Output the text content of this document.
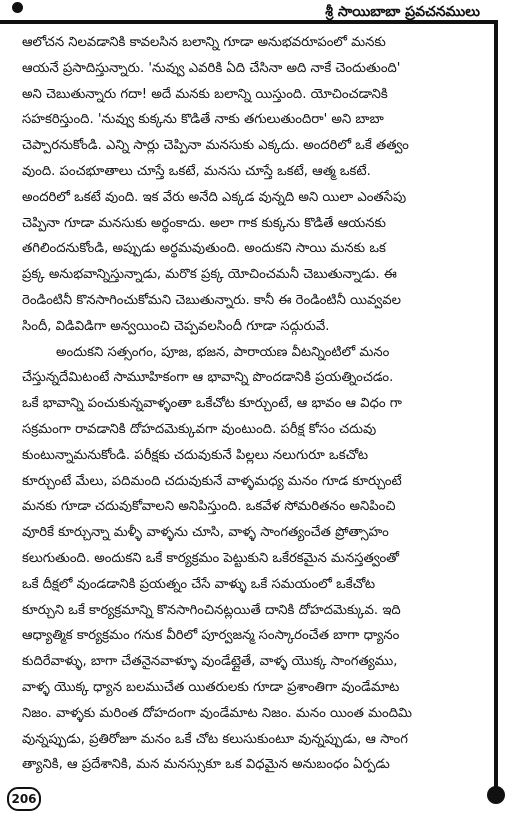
శ్రీ సాయిబాబా ప్రవచనములు
ఆలోచన నిలవడానికి కావలసిన బలాన్ని గూడా అనుభవరూపంలో మనకు
ఆయనే ప్రసాదిస్తున్నారు. 'నువ్వు ఎవరికి ఏది చేసినా అది నాకే చెందుతుంది'
అని చెబుతున్నారు గదా! అదే మనకు బలాన్ని యిస్తుంది. యోచించడానికి
సహకరిస్తుంది. 'నువ్వు కుక్కను కొడితే నాకు తగులుతుందిరా' అని బాబా
చెప్పారనుకోండి. ఎన్ని సార్లు చెప్పినా మనసుకు ఎక్కదు. అందరిలో ఒకే తత్వం
వుంది. పంచభూతాలు చూస్తే ఒకటే, మనసు చూస్తే ఒకటే, ఆత్మ ఒకటే.
అందరిలో ఒకటే వుంది. ఇక వేరు అనేది ఎక్కడ వున్నది అని యిలా ఎంతసేపు
చెప్పినా గూడా మనసుకు అర్థంకాదు. అలా గాక కుక్కను కొడితే ఆయనకు
తగిలిందనుకోండి, అప్పుడు అర్థమవుతుంది. అందుకని సాయి మనకు ఒక
ప్రక్క అనుభవాన్నిస్తున్నాడు, మరొక ప్రక్క యోచించమనీ చెబుతున్నాడు. ఈ
రెండింటినీ కొనసాగించుకోమని చెబుతున్నారు. కానీ ఈ రెండింటినీ యివ్వవల
సిందీ, విడివిడిగా అన్వయించి చెప్పవలసిందీ గూడా సద్గురువే.
అందుకని సత్సంగం, పూజ, భజన, పారాయణ వీటన్నింటిలో మనం
చేస్తున్నదేమిటంటే సామూహికంగా ఆ భావాన్ని పొందడానికి ప్రయత్నించడం.
ఒకే భావాన్ని పంచుకున్నవాళ్ళంతా ఒకేచోట కూర్చుంటే, ఆ భావం ఆ విధం గా
సక్రమంగా రావడానికి దోహదమెక్కువగా వుంటుంది. పరీక్ష కోసం చదువు
కుంటున్నామనుకోండి. పరీక్షకు చదువుకునే పిల్లలు నలుగురూ ఒకచోట
కూర్చుంటే మేలు, పదిమంది చదువుకునే వాళ్ళమధ్య మనం గూడ కూర్చుంటే
మనకు గూడా చదువుకోవాలని అనిపిస్తుంది. ఒకవేళ సోమరితనం అనిపించి
వూరికే కూర్చున్నా మళ్ళీ వాళ్ళను చూసి, వాళ్ళ సాంగత్యంచేత ప్రోత్సాహం
కలుగుతుంది. అందుకని ఒకే కార్యక్రమం పెట్టుకుని ఒకేరకమైన మనస్తత్వంతో
ఒకే దీక్షలో వుండడానికి ప్రయత్నం చేసే వాళ్ళు ఒకే సమయంలో ఒకేచోట
కూర్చుని ఒకే కార్యక్రమాన్ని కొనసాగించినట్లయితే దానికి దోహదమెక్కువ. ఇది
ఆధ్యాత్మిక కార్యక్రమం గనుక వీరిలో పూర్వజన్మ సంస్కారంచేత బాగా ధ్యానం
కుదిరేవాళ్ళు, బాగా చేతనైనవాళ్ళూ వుండేట్లైతే, వాళ్ళ యొక్క సాంగత్యము,
వాళ్ళ యొక్క ధ్యాన బలముచేత యితరులకు గూడా ప్రశాంతిగా వుండేమాట
నిజం. వాళ్ళకు మరింత దోహదంగా వుండేమాట నిజం. మనం యింత మందిమి
వున్నప్పుడు, ప్రతిరోజూ మనం ఒకే చోట కలుసుకుంటూ వున్నప్పుడు, ఆ సాంగ
త్యానికి, ఆ ప్రదేశానికి, మన మనస్సుకూ ఒక విధమైన అనుబంధం ఏర్పడు
206
